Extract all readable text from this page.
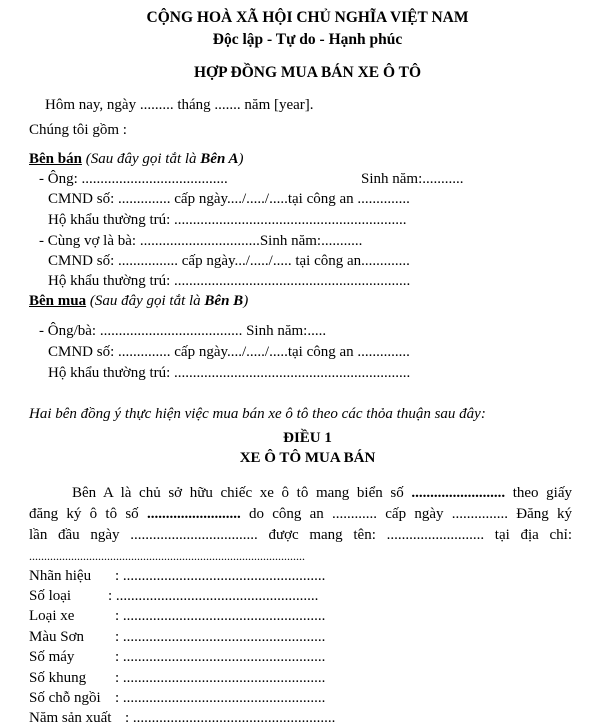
CỘNG HOÀ XÃ HỘI CHỦ NGHĨA VIỆT NAM
Độc lập - Tự do - Hạnh phúc
HỢP ĐỒNG MUA BÁN XE Ô TÔ
Hôm nay, ngày ......... tháng ....... năm [year].
Chúng tôi gồm :
Bên bán (Sau đây gọi tắt là Bên A)
- Ông: .......................................	Sinh năm:...........
CMND số: .............. cấp ngày..../...../.....tại công an ..............
Hộ khẩu thường trú: ..............................................................
- Cùng vợ là bà: ................................Sinh năm:...........
CMND số: ................ cấp ngày.../...../..... tại công an.............
Hộ khẩu thường trú: ...............................................................
Bên mua (Sau đây gọi tắt là Bên B)
- Ông/bà: ...................................... Sinh năm:.....
CMND số: .............. cấp ngày..../...../.....tại công an ..............
Hộ khẩu thường trú: ...............................................................
Hai bên đồng ý thực hiện việc mua bán xe ô tô theo các thỏa thuận sau đây:
ĐIỀU 1
XE Ô TÔ MUA BÁN
Bên A là chủ sở hữu chiếc xe ô tô mang biển số ......................... theo giấy
đăng ký ô tô số ......................... do công an ............ cấp ngày ............... Đăng ký
lần đầu ngày .................................. được mang tên: .......................... tại địa chỉ:
............................................................................................
Nhãn hiệu : ......................................................
Số loại : ......................................................
Loại xe	: ......................................................
Màu Sơn : ......................................................
Số máy	: ......................................................
Số khung : ......................................................
Số chỗ ngồi : ......................................................
Năm sản xuất : ......................................................
